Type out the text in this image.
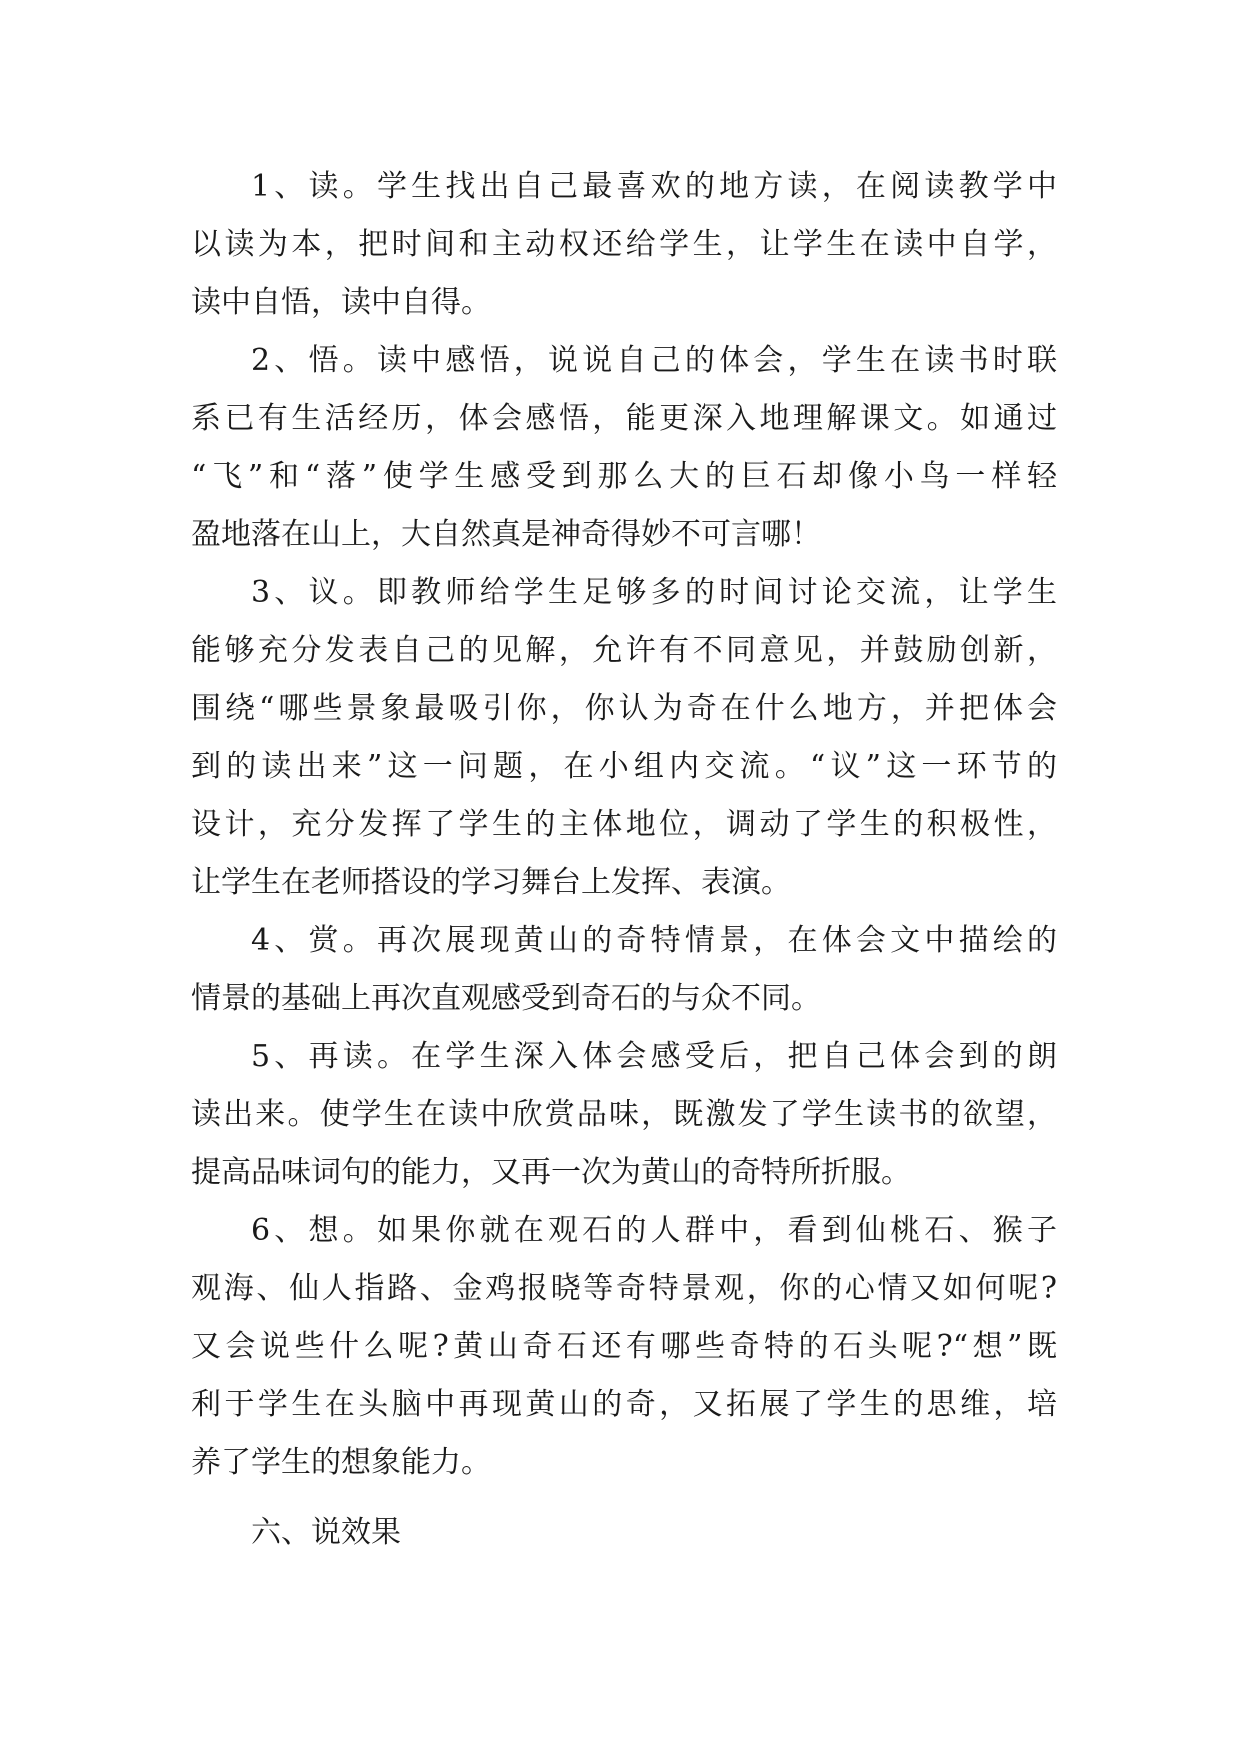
1、读。学生找出自己最喜欢的地方读，在阅读教学中
以读为本，把时间和主动权还给学生，让学生在读中自学，
读中自悟，读中自得。
2、悟。读中感悟，说说自己的体会，学生在读书时联
系已有生活经历，体会感悟，能更深入地理解课文。如通过
“飞”和“落”使学生感受到那么大的巨石却像小鸟一样轻
盈地落在山上，大自然真是神奇得妙不可言哪！
3、议。即教师给学生足够多的时间讨论交流，让学生
能够充分发表自己的见解，允许有不同意见，并鼓励创新，
围绕“哪些景象最吸引你，你认为奇在什么地方，并把体会
到的读出来”这一问题，在小组内交流。“议”这一环节的
设计，充分发挥了学生的主体地位，调动了学生的积极性，
让学生在老师搭设的学习舞台上发挥、表演。
4、赏。再次展现黄山的奇特情景，在体会文中描绘的
情景的基础上再次直观感受到奇石的与众不同。
5、再读。在学生深入体会感受后，把自己体会到的朗
读出来。使学生在读中欣赏品味，既激发了学生读书的欲望，
提高品味词句的能力，又再一次为黄山的奇特所折服。
6、想。如果你就在观石的人群中，看到仙桃石、猴子
观海、仙人指路、金鸡报晓等奇特景观，你的心情又如何呢?
又会说些什么呢?黄山奇石还有哪些奇特的石头呢?“想”既
利于学生在头脑中再现黄山的奇，又拓展了学生的思维，培
养了学生的想象能力。
六、说效果
